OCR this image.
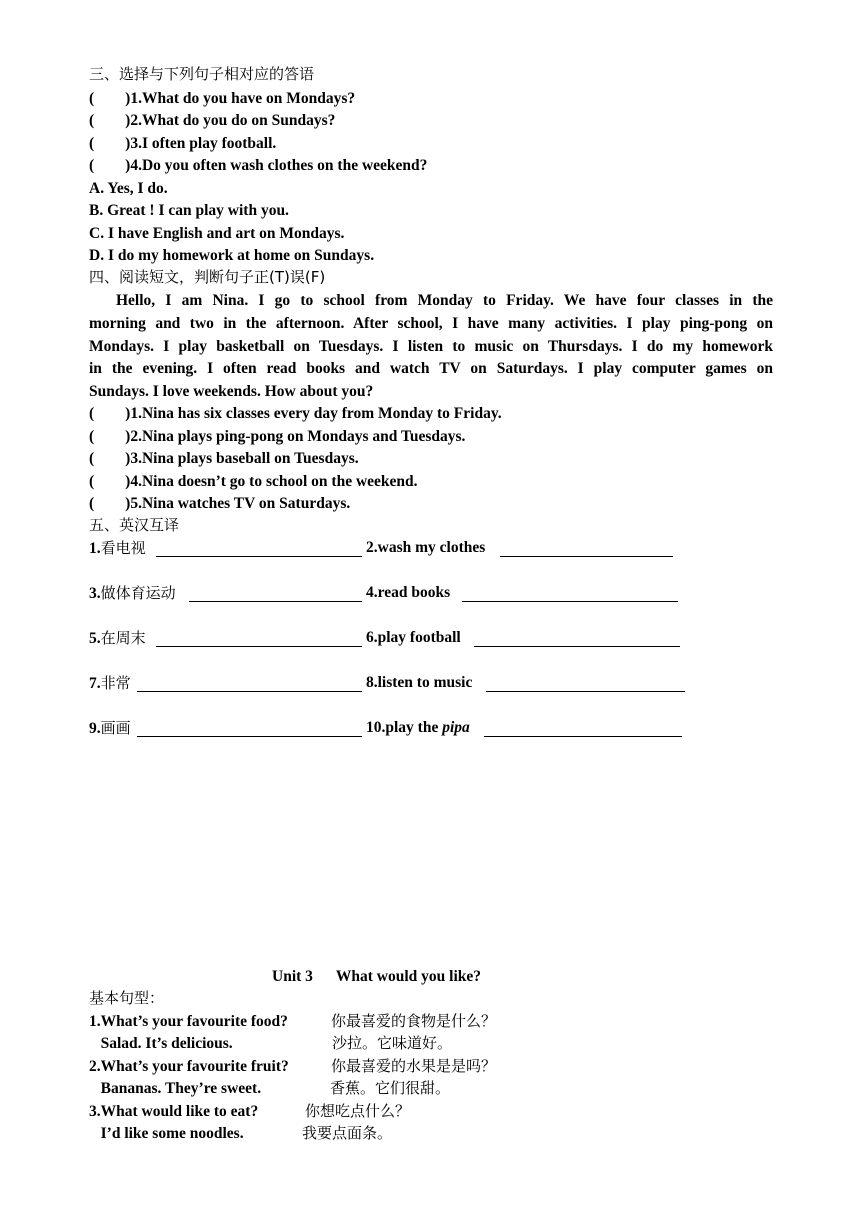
三、选择与下列句子相对应的答语
(        )1.What do you have on Mondays?
(        )2.What do you do on Sundays?
(        )3.I often play football.
(        )4.Do you often wash clothes on the weekend?
A. Yes, I do.
B. Great ! I can play with you.
C. I have English and art on Mondays.
D. I do my homework at home on Sundays.
四、阅读短文，判断句子正(T)误(F)
Hello, I am Nina. I go to school from Monday to Friday. We have four classes in the
morning and two in the afternoon. After school, I have many activities. I play ping-pong on
Mondays. I play basketball on Tuesdays. I listen to music on Thursdays. I do my homework
in the evening. I often read books and watch TV on Saturdays. I play computer games on
Sundays. I love weekends. How about you?
(        )1.Nina has six classes every day from Monday to Friday.
(        )2.Nina plays ping-pong on Mondays and Tuesdays.
(        )3.Nina plays baseball on Tuesdays.
(        )4.Nina doesn’t go to school on the weekend.
(        )5.Nina watches TV on Saturdays.
五、英汉互译
1.看电视	2.wash my clothes
3.做体育运动	4.read books
5.在周末	6.play football
7.非常	8.listen to music
9.画画	10.play the pipa
Unit 3      What would you like?
基本句型：
1.What’s your favourite food?	你最喜爱的食物是什么？
Salad. It’s delicious.	沙拉。它味道好。
2.What’s your favourite fruit?	你最喜爱的水果是是吗？
Bananas. They’re sweet.	香蕉。它们很甜。
3.What would like to eat?	你想吃点什么？
I’d like some noodles.	我要点面条。
